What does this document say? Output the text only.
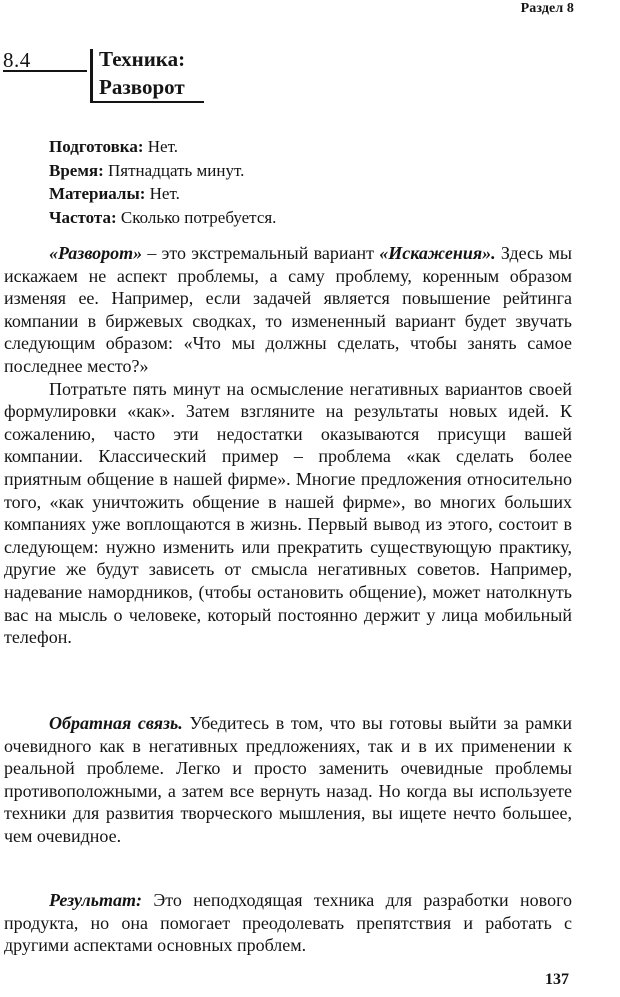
Раздел 8
8.4	Техника:
Разворот
Подготовка: Нет.
Время: Пятнадцать минут.
Материалы: Нет.
Частота: Сколько потребуется.

«Разворот» – это экстремальный вариант «Искажения». Здесь мы искажаем не аспект проблемы, а саму проблему, коренным образом изменяя ее. Например, если задачей является повышение рейтинга компании в биржевых сводках, то измененный вариант будет звучать следующим образом: «Что мы должны сделать, чтобы занять самое последнее место?»

Потратьте пять минут на осмысление негативных вариантов своей формулировки «как». Затем взгляните на результаты новых идей. К сожалению, часто эти недостатки оказываются присущи вашей компании. Классический пример – проблема «как сделать более приятным общение в нашей фирме». Многие предложения относительно того, «как уничтожить общение в нашей фирме», во многих больших компаниях уже воплощаются в жизнь. Первый вывод из этого, состоит в следующем: нужно изменить или прекратить существующую практику, другие же будут зависеть от смысла негативных советов. Например, надевание намордников, (чтобы остановить общение), может натолкнуть вас на мысль о человеке, который постоянно держит у лица мобильный телефон.

Обратная связь. Убедитесь в том, что вы готовы выйти за рамки очевидного как в негативных предложениях, так и в их применении к реальной проблеме. Легко и просто заменить очевидные проблемы противоположными, а затем все вернуть назад. Но когда вы используете техники для развития творческого мышления, вы ищете нечто большее, чем очевидное.

Результат: Это неподходящая техника для разработки нового продукта, но она помогает преодолевать препятствия и работать с другими аспектами основных проблем.

137
